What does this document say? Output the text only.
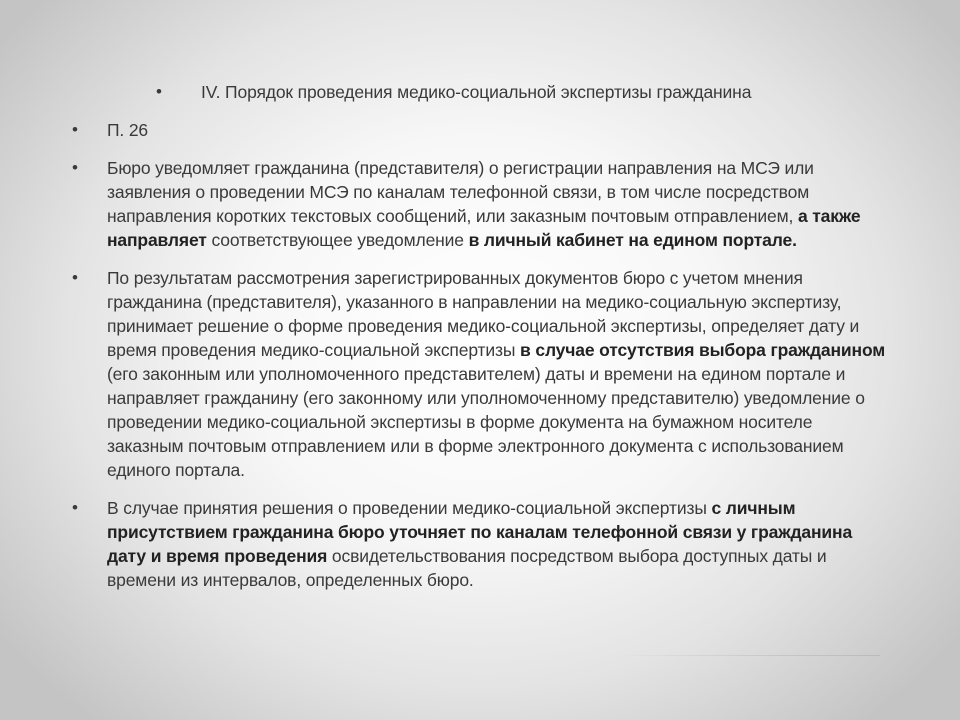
• IV. Порядок проведения медико-социальной экспертизы гражданина
• П. 26
• Бюро уведомляет гражданина (представителя) о регистрации направления на МСЭ или заявления о проведении МСЭ по каналам телефонной связи, в том числе посредством направления коротких текстовых сообщений, или заказным почтовым отправлением, а также направляет соответствующее уведомление в личный кабинет на едином портале.
• По результатам рассмотрения зарегистрированных документов бюро с учетом мнения гражданина (представителя), указанного в направлении на медико-социальную экспертизу, принимает решение о форме проведения медико-социальной экспертизы, определяет дату и время проведения медико-социальной экспертизы в случае отсутствия выбора гражданином (его законным или уполномоченного представителем) даты и времени на едином портале и направляет гражданину (его законному или уполномоченному представителю) уведомление о проведении медико-социальной экспертизы в форме документа на бумажном носителе заказным почтовым отправлением или в форме электронного документа с использованием единого портала.
• В случае принятия решения о проведении медико-социальной экспертизы с личным присутствием гражданина бюро уточняет по каналам телефонной связи у гражданина дату и время проведения освидетельствования посредством выбора доступных даты и времени из интервалов, определенных бюро.
